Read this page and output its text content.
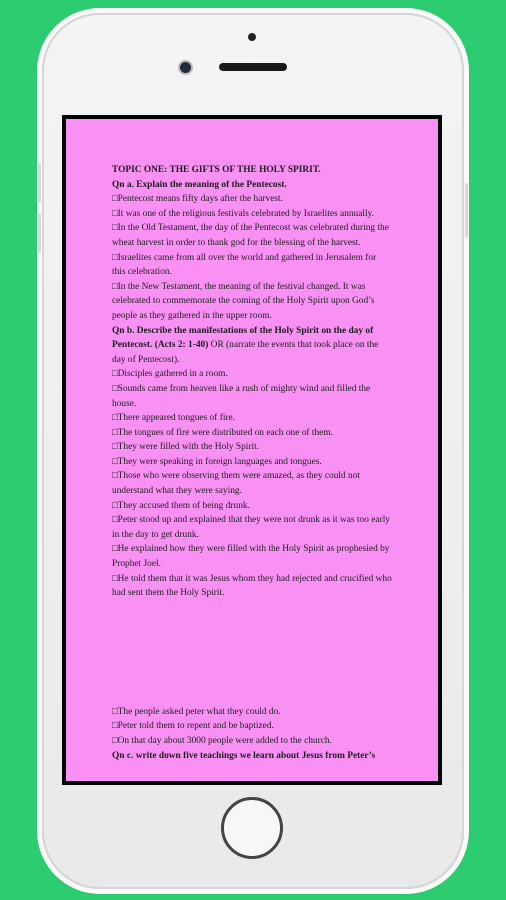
TOPIC ONE: THE GIFTS OF THE HOLY SPIRIT.

Qn a. Explain the meaning of the Pentecost.

□Pentecost means fifty days after the harvest.

□It was one of the religious festivals celebrated by Israelites annually.

□In the Old Testament, the day of the Pentecost was celebrated during the wheat harvest in order to thank god for the blessing of the harvest.

□Israelites came from all over the world and gathered in Jerusalem for this celebration.

□In the New Testament, the meaning of the festival changed. It was celebrated to commemorate the coming of the Holy Spirit upon God’s people as they gathered in the upper room.

Qn b. Describe the manifestations of the Holy Spirit on the day of Pentecost. (Acts 2: 1-40) OR (narrate the events that took place on the day of Pentecost).

□Disciples gathered in a room.

□Sounds came from heaven like a rush of mighty wind and filled the house.

□There appeared tongues of fire.

□The tongues of fire were distributed on each one of them.

□They were filled with the Holy Spirit.

□They were speaking in foreign languages and tongues.

□Those who were observing them were amazed, as they could not understand what they were saying.

□They accused them of being drunk.

□Peter stood up and explained that they were not drunk as it was too early in the day to get drunk.

□He explained how they were filled with the Holy Spirit as prophesied by Prophet Joel.

□He told them that it was Jesus whom they had rejected and crucified who had sent them the Holy Spirit.

□The people asked peter what they could do.

□Peter told them to repent and be baptized.

□On that day about 3000 people were added to the church.

Qn c. write down five teachings we learn about Jesus from Peter’s
